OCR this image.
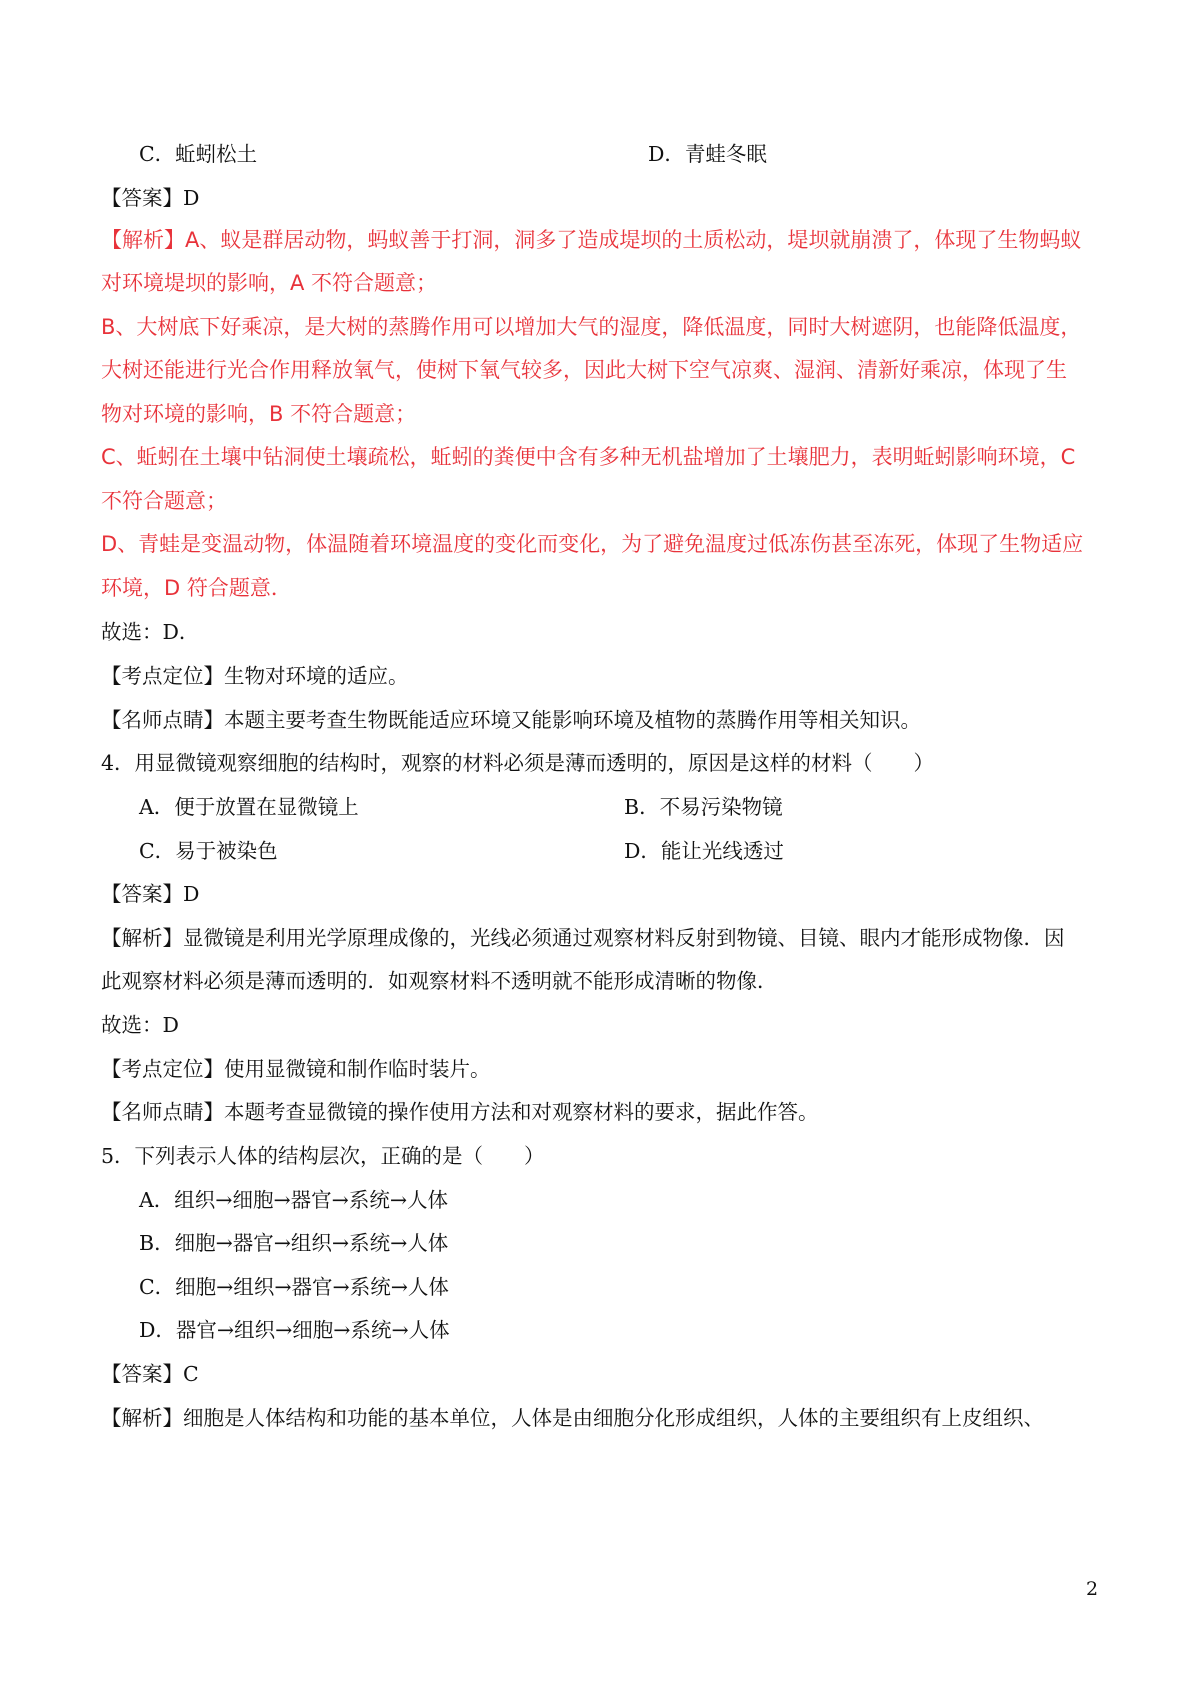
C．蚯蚓松土	D．青蛙冬眠

【答案】D

【解析】A、蚁是群居动物，蚂蚁善于打洞，洞多了造成堤坝的土质松动，堤坝就崩溃了，体现了生物蚂蚁

对环境堤坝的影响，A 不符合题意；

B、大树底下好乘凉，是大树的蒸腾作用可以增加大气的湿度，降低温度，同时大树遮阴，也能降低温度，

大树还能进行光合作用释放氧气，使树下氧气较多，因此大树下空气凉爽、湿润、清新好乘凉，体现了生

物对环境的影响，B 不符合题意；

C、蚯蚓在土壤中钻洞使土壤疏松，蚯蚓的粪便中含有多种无机盐增加了土壤肥力，表明蚯蚓影响环境，C

不符合题意；

D、青蛙是变温动物，体温随着环境温度的变化而变化，为了避免温度过低冻伤甚至冻死，体现了生物适应

环境，D 符合题意．

故选：D．

【考点定位】生物对环境的适应。

【名师点睛】本题主要考查生物既能适应环境又能影响环境及植物的蒸腾作用等相关知识。

4．用显微镜观察细胞的结构时，观察的材料必须是薄而透明的，原因是这样的材料（　　）

A．便于放置在显微镜上	B．不易污染物镜

C．易于被染色	D．能让光线透过

【答案】D

【解析】显微镜是利用光学原理成像的，光线必须通过观察材料反射到物镜、目镜、眼内才能形成物像．因

此观察材料必须是薄而透明的．如观察材料不透明就不能形成清晰的物像．

故选：D

【考点定位】使用显微镜和制作临时装片。

【名师点睛】本题考查显微镜的操作使用方法和对观察材料的要求，据此作答。

5．下列表示人体的结构层次，正确的是（　　）

A．组织→细胞→器官→系统→人体

B．细胞→器官→组织→系统→人体

C．细胞→组织→器官→系统→人体

D．器官→组织→细胞→系统→人体

【答案】C

【解析】细胞是人体结构和功能的基本单位，人体是由细胞分化形成组织，人体的主要组织有上皮组织、

2
